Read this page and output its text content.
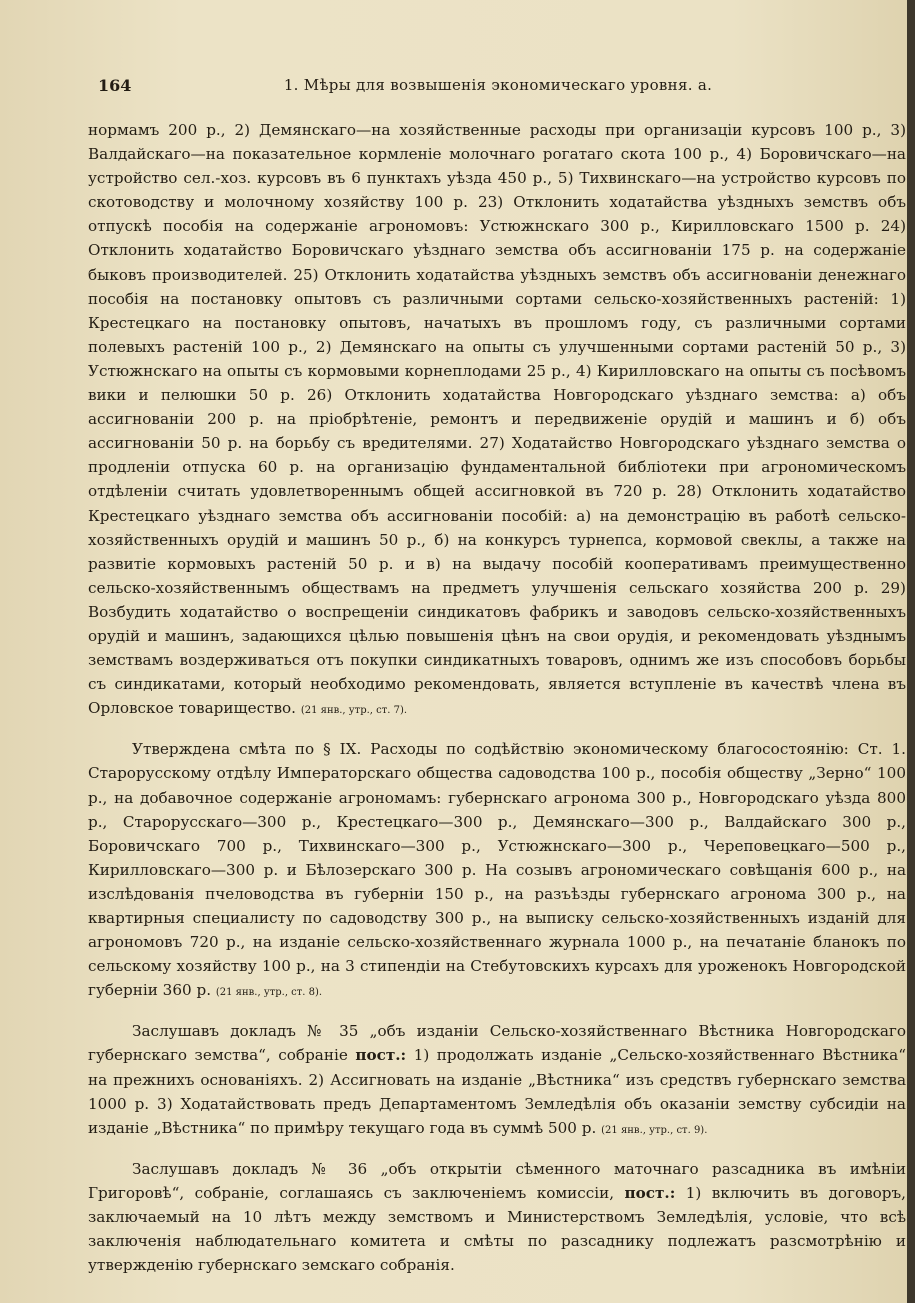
164	1. Мѣры для возвышенія экономическаго уровня. а.

нормамъ 200 р., 2) Демянскаго—на хозяйственные расходы при организаціи курсовъ 100 р., 3) Валдайскаго—на показательное кормленіе молочнаго рогатаго скота 100 р., 4) Боровичскаго—на устройство сел.-хоз. курсовъ въ 6 пунктахъ уѣзда 450 р., 5) Тихвинскаго—на устройство курсовъ по скотоводству и молочному хозяйству 100 р. 23) Отклонить ходатайства уѣздныхъ земствъ объ отпускѣ пособія на содержаніе агрономовъ: Устюжнскаго 300 р., Кирилловскаго 1500 р. 24) Отклонить ходатайство Боровичскаго уѣзднаго земства объ ассигнованіи 175 р. на содержаніе быковъ производителей. 25) Отклонить ходатайства уѣздныхъ земствъ объ ассигнованіи денежнаго пособія на постановку опытовъ съ различными сортами сельско-хозяйственныхъ растеній: 1) Крестецкаго на постановку опытовъ, начатыхъ въ прошломъ году, съ различными сортами полевыхъ растеній 100 р., 2) Демянскаго на опыты съ улучшенными сортами растеній 50 р., 3) Устюжнскаго на опыты съ кормовыми корнеплодами 25 р., 4) Кирилловскаго на опыты съ посѣвомъ вики и пелюшки 50 р. 26) Отклонить ходатайства Новгородскаго уѣзднаго земства: а) объ ассигнованіи 200 р. на пріобрѣтеніе, ремонтъ и передвиженіе орудій и машинъ и б) объ ассигнованіи 50 р. на борьбу съ вредителями. 27) Ходатайство Новгородскаго уѣзднаго земства о продленіи отпуска 60 р. на организацію фундаментальной библіотеки при агрономическомъ отдѣленіи считать удовлетвореннымъ общей ассигновкой въ 720 р. 28) Отклонить ходатайство Крестецкаго уѣзднаго земства объ ассигнованіи пособій: а) на демонстрацію въ работѣ сельско-хозяйственныхъ орудій и машинъ 50 р., б) на конкурсъ турнепса, кормовой свеклы, а также на развитіе кормовыхъ растеній 50 р. и в) на выдачу пособій кооперативамъ преимущественно сельско-хозяйственнымъ обществамъ на предметъ улучшенія сельскаго хозяйства 200 р. 29) Возбудить ходатайство о воспрещеніи синдикатовъ фабрикъ и заводовъ сельско-хозяйственныхъ орудій и машинъ, задающихся цѣлью повышенія цѣнъ на свои орудія, и рекомендовать уѣзднымъ земствамъ воздерживаться отъ покупки синдикатныхъ товаровъ, однимъ же изъ способовъ борьбы съ синдикатами, который необходимо рекомендовать, является вступленіе въ качествѣ члена въ Орловское товарищество. (21 янв., утр., ст. 7).

Утверждена смѣта по § IX. Расходы по содѣйствію экономическому благосостоянію: Ст. 1. Старорусскому отдѣлу Императорскаго общества садоводства 100 р., пособія обществу „Зерно“ 100 р., на добавочное содержаніе агрономамъ: губернскаго агронома 300 р., Новгородскаго уѣзда 800 р., Старорусскаго—300 р., Крестецкаго—300 р., Демянскаго—300 р., Валдайскаго 300 р., Боровичскаго 700 р., Тихвинскаго—300 р., Устюжнскаго—300 р., Череповецкаго—500 р., Кирилловскаго—300 р. и Бѣлозерскаго 300 р. На созывъ агрономическаго совѣщанія 600 р., на изслѣдованія пчеловодства въ губерніи 150 р., на разъѣзды губернскаго агронома 300 р., на квартирныя специалисту по садоводству 300 р., на выписку сельско-хозяйственныхъ изданій для агрономовъ 720 р., на изданіе сельско-хозяйственнаго журнала 1000 р., на печатаніе бланокъ по сельскому хозяйству 100 р., на 3 стипендіи на Стебутовскихъ курсахъ для уроженокъ Новгородской губерніи 360 р. (21 янв., утр., ст. 8).

Заслушавъ докладъ № 35 „объ изданіи Сельско-хозяйственнаго Вѣстника Новгородскаго губернскаго земства“, собраніе пост.: 1) продолжать изданіе „Сельско-хозяйственнаго Вѣстника“ на прежнихъ основаніяхъ. 2) Ассигновать на изданіе „Вѣстника“ изъ средствъ губернскаго земства 1000 р. 3) Ходатайствовать предъ Департаментомъ Земледѣлія объ оказаніи земству субсидіи на изданіе „Вѣстника“ по примѣру текущаго года въ суммѣ 500 р. (21 янв., утр., ст. 9).

Заслушавъ докладъ № 36 „объ открытіи сѣменного маточнаго разсадника въ имѣніи Григоровѣ“, собраніе, соглашаясь съ заключеніемъ комиссіи, пост.: 1) включить въ договоръ, заключаемый на 10 лѣтъ между земствомъ и Министерствомъ Земледѣлія, условіе, что всѣ заключенія наблюдательнаго комитета и смѣты по разсаднику подлежатъ разсмотрѣнію и утвержденію губернскаго земскаго собранія.
